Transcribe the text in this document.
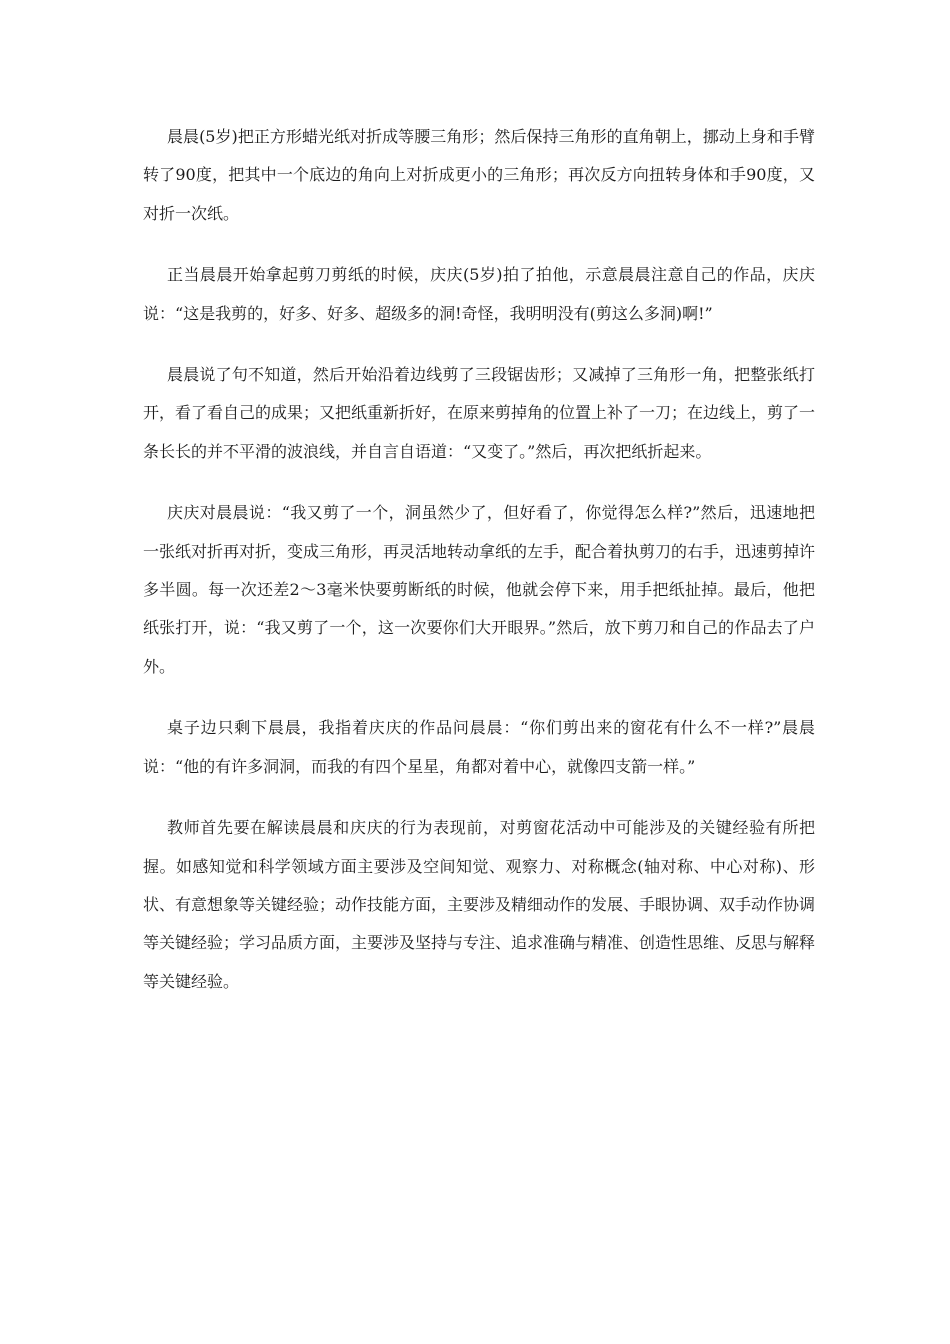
晨晨(5岁)把正方形蜡光纸对折成等腰三角形；然后保持三角形的直角朝上，挪动上身和手臂转了90度，把其中一个底边的角向上对折成更小的三角形；再次反方向扭转身体和手90度，又对折一次纸。

正当晨晨开始拿起剪刀剪纸的时候，庆庆(5岁)拍了拍他，示意晨晨注意自己的作品，庆庆说：“这是我剪的，好多、好多、超级多的洞!奇怪，我明明没有(剪这么多洞)啊!”

晨晨说了句不知道，然后开始沿着边线剪了三段锯齿形；又减掉了三角形一角，把整张纸打开，看了看自己的成果；又把纸重新折好，在原来剪掉角的位置上补了一刀；在边线上，剪了一条长长的并不平滑的波浪线，并自言自语道：“又变了。”然后，再次把纸折起来。

庆庆对晨晨说：“我又剪了一个，洞虽然少了，但好看了，你觉得怎么样?”然后，迅速地把一张纸对折再对折，变成三角形，再灵活地转动拿纸的左手，配合着执剪刀的右手，迅速剪掉许多半圆。每一次还差2～3毫米快要剪断纸的时候，他就会停下来，用手把纸扯掉。最后，他把纸张打开，说：“我又剪了一个，这一次要你们大开眼界。”然后，放下剪刀和自己的作品去了户外。

桌子边只剩下晨晨，我指着庆庆的作品问晨晨：“你们剪出来的窗花有什么不一样?”晨晨说：“他的有许多洞洞，而我的有四个星星，角都对着中心，就像四支箭一样。”

教师首先要在解读晨晨和庆庆的行为表现前，对剪窗花活动中可能涉及的关键经验有所把握。如感知觉和科学领域方面主要涉及空间知觉、观察力、对称概念(轴对称、中心对称)、形状、有意想象等关键经验；动作技能方面，主要涉及精细动作的发展、手眼协调、双手动作协调等关键经验；学习品质方面，主要涉及坚持与专注、追求准确与精准、创造性思维、反思与解释等关键经验。
